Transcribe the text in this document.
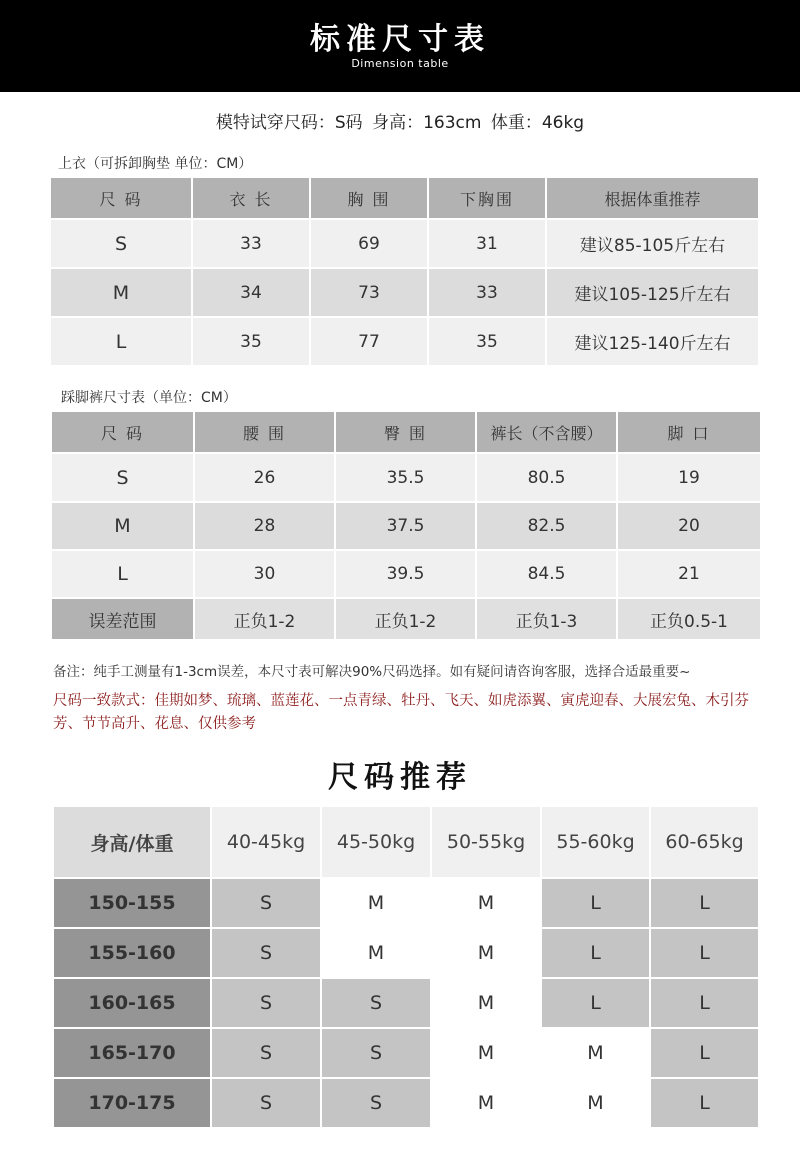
标准尺寸表
Dimension table
模特试穿尺码：S码 身高：163cm 体重：46kg
上衣（可拆卸胸垫 单位：CM）
尺 码	衣 长	胸 围	下胸围	根据体重推荐
S	33	69	31	建议85-105斤左右
M	34	73	33	建议105-125斤左右
L	35	77	35	建议125-140斤左右
踩脚裤尺寸表（单位：CM）
尺 码	腰 围	臀 围	裤长（不含腰）	脚 口
S	26	35.5	80.5	19
M	28	37.5	82.5	20
L	30	39.5	84.5	21
误差范围	正负1-2	正负1-2	正负1-3	正负0.5-1
备注：纯手工测量有1-3cm误差，本尺寸表可解决90%尺码选择。如有疑问请咨询客服，选择合适最重要~
尺码一致款式：佳期如梦、琉璃、蓝莲花、一点青绿、牡丹、飞天、如虎添翼、寅虎迎春、大展宏兔、木引芬芳、节节高升、花息、仅供参考
尺码推荐
身高/体重	40-45kg	45-50kg	50-55kg	55-60kg	60-65kg
150-155	S	M	M	L	L
155-160	S	M	M	L	L
160-165	S	S	M	L	L
165-170	S	S	M	M	L
170-175	S	S	M	M	L
